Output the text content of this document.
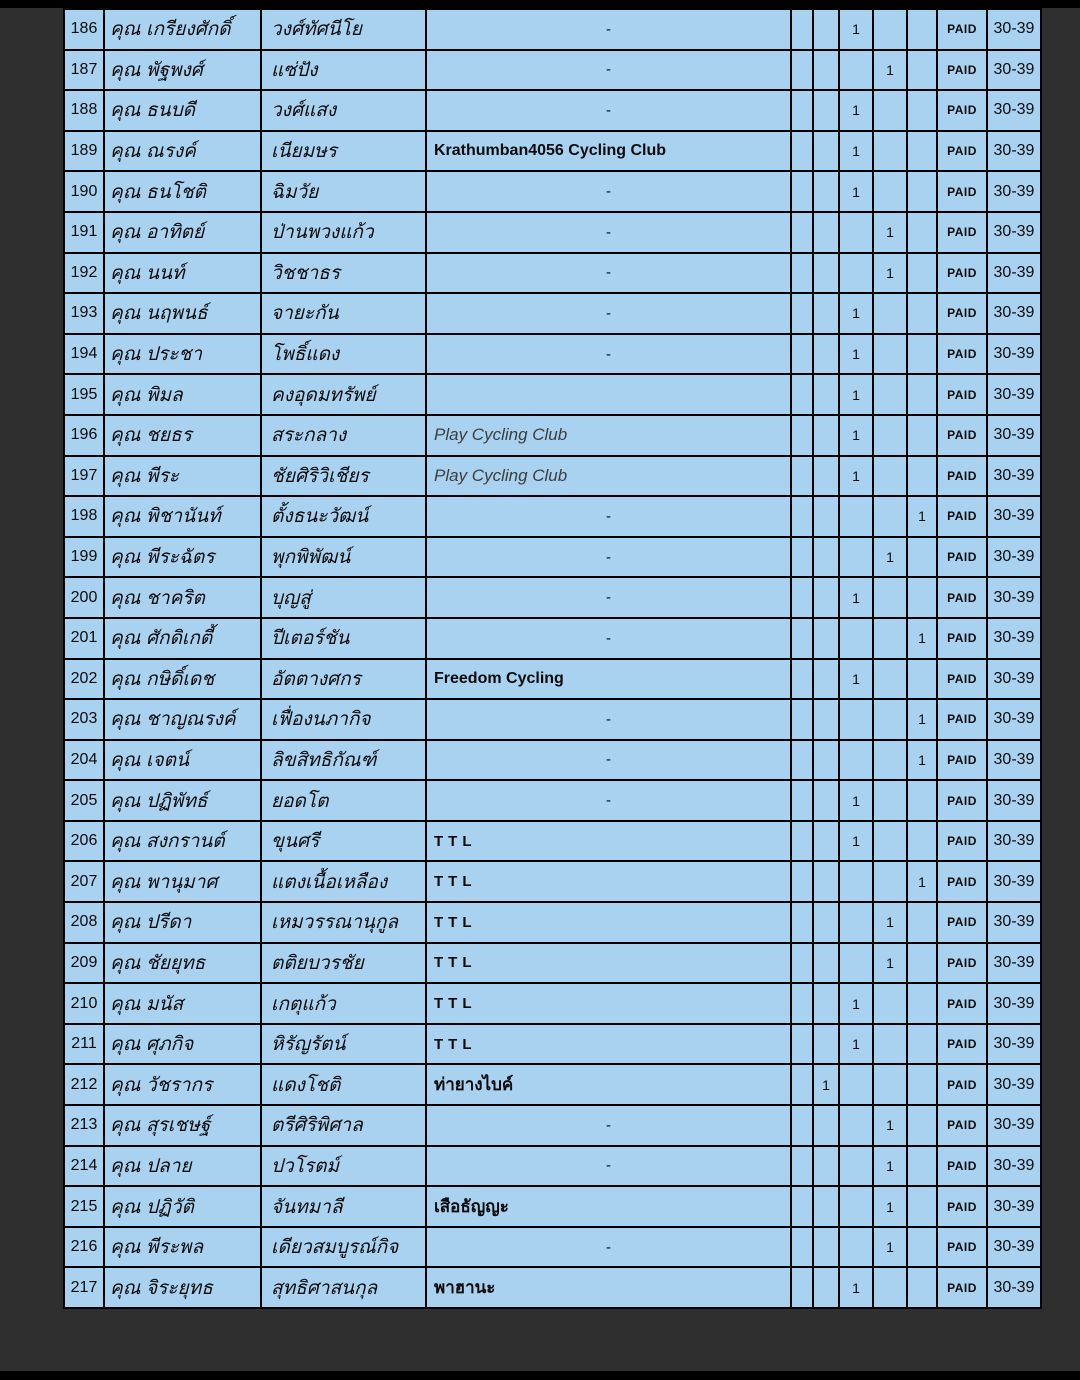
186	คุณ เกรียงศักดิ์	วงศ์ทัศนีโย	-			1			PAID	30-39
187	คุณ พัฐพงศ์	แซ่ปัง	-				1		PAID	30-39
188	คุณ ธนบดี	วงศ์แสง	-			1			PAID	30-39
189	คุณ ณรงค์	เนียมษร	Krathumban4056 Cycling Club			1			PAID	30-39
190	คุณ ธนโชติ	ฉิมวัย	-			1			PAID	30-39
191	คุณ อาทิตย์	ป่านพวงแก้ว	-				1		PAID	30-39
192	คุณ นนท์	วิชชาธร	-				1		PAID	30-39
193	คุณ นฤพนธ์	จายะกัน	-			1			PAID	30-39
194	คุณ ประชา	โพธิ์แดง	-			1			PAID	30-39
195	คุณ พิมล	คงอุดมทรัพย์				1			PAID	30-39
196	คุณ ชยธร	สระกลาง	Play Cycling Club			1			PAID	30-39
197	คุณ พีระ	ชัยศิริวิเชียร	Play Cycling Club			1			PAID	30-39
198	คุณ พิชานันท์	ตั้งธนะวัฒน์	-					1	PAID	30-39
199	คุณ พีระฉัตร	พุกพิพัฒน์	-				1		PAID	30-39
200	คุณ ชาคริต	บุญสู่	-			1			PAID	30-39
201	คุณ ศักดิเกตี้	ปีเตอร์ชัน	-					1	PAID	30-39
202	คุณ กษิดิ์เดช	อัตตางศกร	Freedom Cycling			1			PAID	30-39
203	คุณ ชาญณรงค์	เฟื่องนภากิจ	-					1	PAID	30-39
204	คุณ เจตน์	ลิขสิทธิกัณฑ์	-					1	PAID	30-39
205	คุณ ปฏิพัทธ์	ยอดโต	-			1			PAID	30-39
206	คุณ สงกรานต์	ขุนศรี	TTL			1			PAID	30-39
207	คุณ พานุมาศ	แตงเนื้อเหลือง	TTL					1	PAID	30-39
208	คุณ ปรีดา	เหมวรรณานุกูล	TTL				1		PAID	30-39
209	คุณ ชัยยุทธ	ตติยบวรชัย	TTL				1		PAID	30-39
210	คุณ มนัส	เกตุแก้ว	TTL			1			PAID	30-39
211	คุณ ศุภกิจ	หิรัญรัตน์	TTL			1			PAID	30-39
212	คุณ วัชรากร	แดงโชติ	ท่ายางไบค์		1				PAID	30-39
213	คุณ สุรเชษฐ์	ตรีศิริพิศาล	-				1		PAID	30-39
214	คุณ ปลาย	ปวโรตม์	-				1		PAID	30-39
215	คุณ ปฏิวัติ	จันทมาลี	เสือธัญญะ				1		PAID	30-39
216	คุณ พีระพล	เดียวสมบูรณ์กิจ	-				1		PAID	30-39
217	คุณ จิระยุทธ	สุทธิศาสนกุล	พาฮานะ			1			PAID	30-39
